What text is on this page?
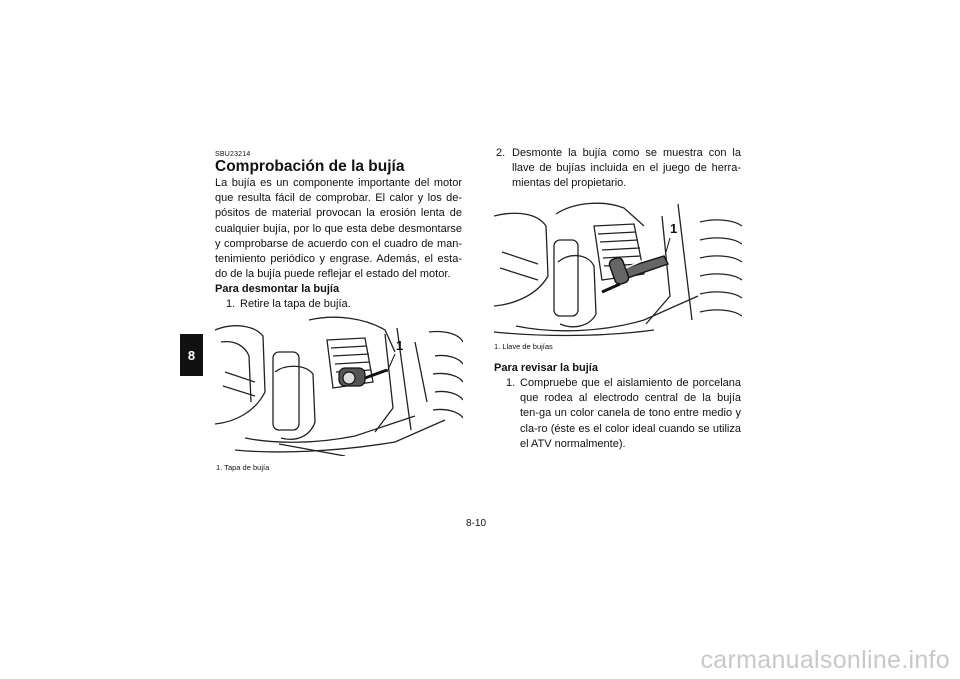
8
SBU23214
Comprobación de la bujía

La bujía es un componente importante del motor que resulta fácil de comprobar. El calor y los de-pósitos de material provocan la erosión lenta de cualquier bujía, por lo que esta debe desmontarse y comprobarse de acuerdo con el cuadro de man-tenimiento periódico y engrase. Además, el esta-do de la bujía puede reflejar el estado del motor.

Para desmontar la bujía
1. Retire la tapa de bujía.
1
1. Tapa de bujía
2. Desmonte la bujía como se muestra con la llave de bujías incluida en el juego de herra-mientas del propietario.
1
1. Llave de bujías
Para revisar la bujía
1. Compruebe que el aislamiento de porcelana que rodea al electrodo central de la bujía ten-ga un color canela de tono entre medio y cla-ro (éste es el color ideal cuando se utiliza el ATV normalmente).
8-10
carmanualsonline.info
